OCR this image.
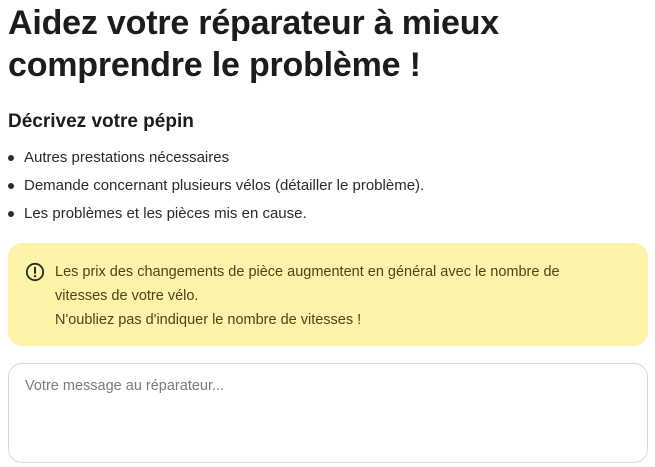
Aidez votre réparateur à mieux
comprendre le problème !
Décrivez votre pépin
Autres prestations nécessaires
Demande concernant plusieurs vélos (détailler le problème).
Les problèmes et les pièces mis en cause.
Les prix des changements de pièce augmentent en général avec le nombre de
vitesses de votre vélo.
N'oubliez pas d'indiquer le nombre de vitesses !
Votre message au réparateur...
